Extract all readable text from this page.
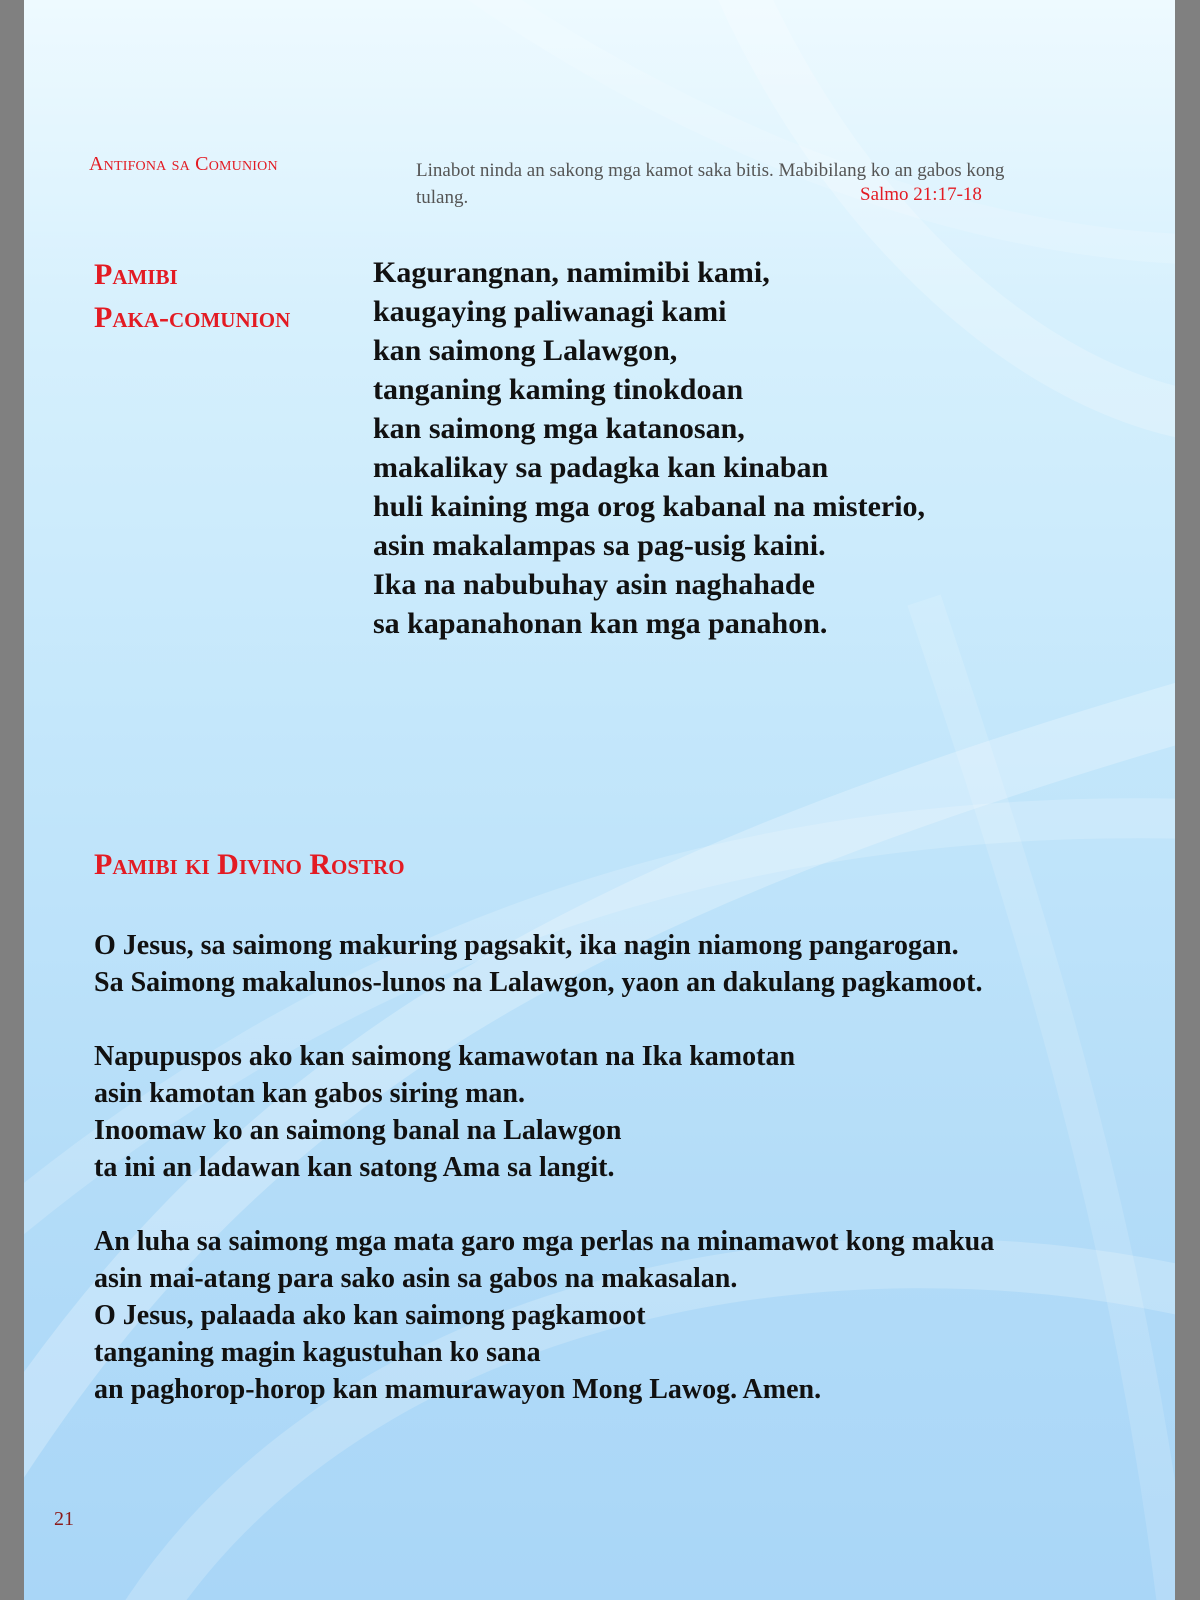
Antifona sa Comunion	Linabot ninda an sakong mga kamot saka bitis. Mabibilang ko an gabos kong tulang.	Salmo 21:17-18
Pamibi
Paka-comunion
Kagurangnan, namimibi kami,
kaugaying paliwanagi kami
kan saimong Lalawgon,
tanganing kaming tinokdoan
kan saimong mga katanosan,
makalikay sa padagka kan kinaban
huli kaining mga orog kabanal na misterio,
asin makalampas sa pag-usig kaini.
Ika na nabubuhay asin naghahade
sa kapanahonan kan mga panahon.
Pamibi ki Divino Rostro
O Jesus, sa saimong makuring pagsakit, ika nagin niamong pangarogan.
Sa Saimong makalunos-lunos na Lalawgon, yaon an dakulang pagkamoot.
Napupuspos ako kan saimong kamawotan na Ika kamotan
asin kamotan kan gabos siring man.
Inoomaw ko an saimong banal na Lalawgon
ta ini an ladawan kan satong Ama sa langit.
An luha sa saimong mga mata garo mga perlas na minamawot kong makua
asin mai-atang para sako asin sa gabos na makasalan.
O Jesus, palaada ako kan saimong pagkamoot
tanganing magin kagustuhan ko sana
an paghorop-horop kan mamurawayon Mong Lawog. Amen.
21
